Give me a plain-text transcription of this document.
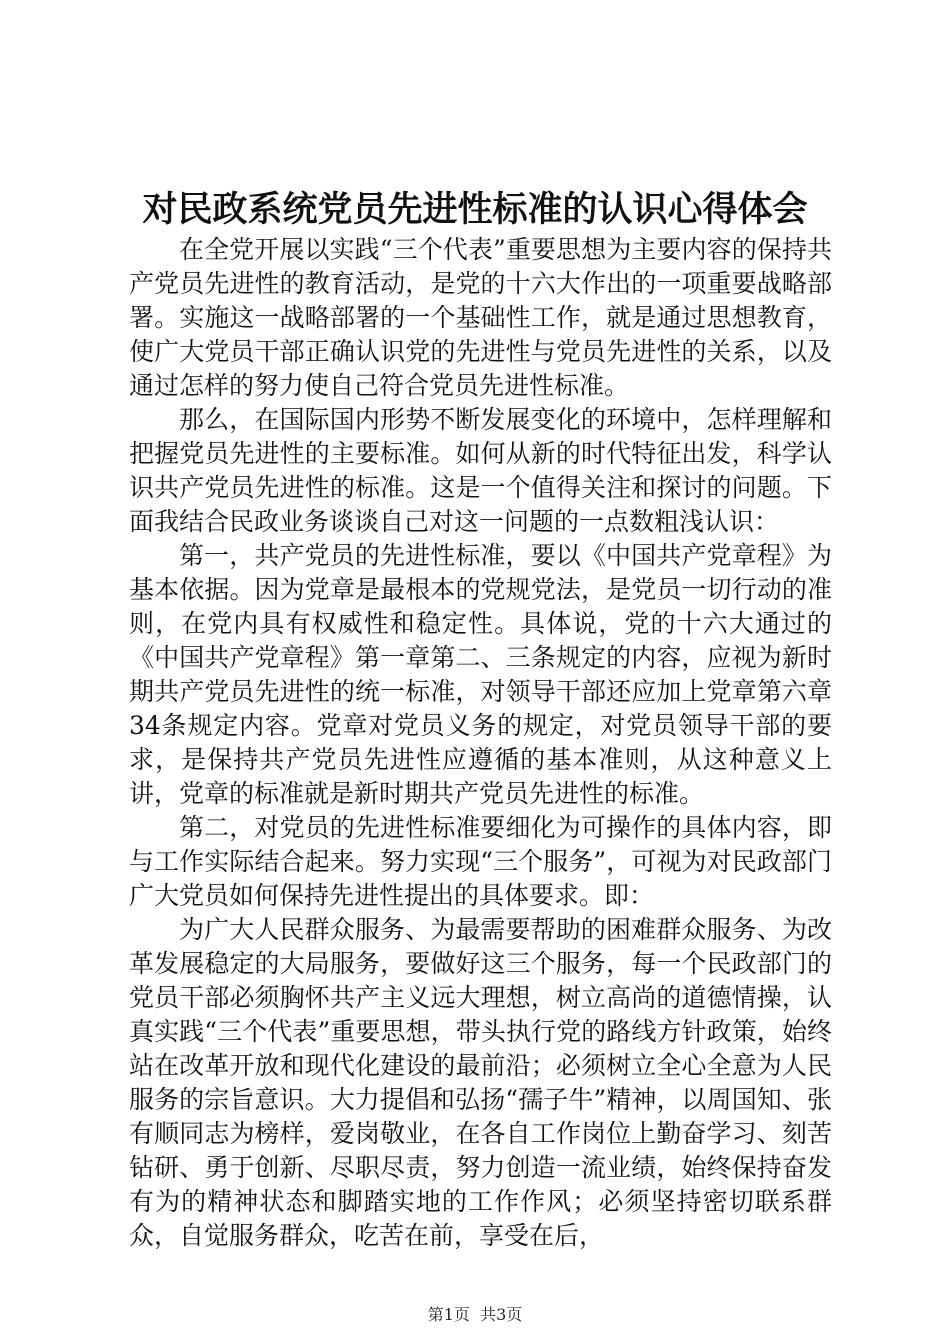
对民政系统党员先进性标准的认识心得体会

在全党开展以实践“三个代表”重要思想为主要内容的保持共产党员先进性的教育活动，是党的十六大作出的一项重要战略部署。实施这一战略部署的一个基础性工作，就是通过思想教育，使广大党员干部正确认识党的先进性与党员先进性的关系，以及通过怎样的努力使自己符合党员先进性标准。

那么，在国际国内形势不断发展变化的环境中，怎样理解和把握党员先进性的主要标准。如何从新的时代特征出发，科学认识共产党员先进性的标准。这是一个值得关注和探讨的问题。下面我结合民政业务谈谈自己对这一问题的一点数粗浅认识：

第一，共产党员的先进性标准，要以《中国共产党章程》为基本依据。因为党章是最根本的党规党法，是党员一切行动的准则，在党内具有权威性和稳定性。具体说，党的十六大通过的《中国共产党章程》第一章第二、三条规定的内容，应视为新时期共产党员先进性的统一标准，对领导干部还应加上党章第六章34条规定内容。党章对党员义务的规定，对党员领导干部的要求，是保持共产党员先进性应遵循的基本准则，从这种意义上讲，党章的标准就是新时期共产党员先进性的标准。

第二，对党员的先进性标准要细化为可操作的具体内容，即与工作实际结合起来。努力实现“三个服务”，可视为对民政部门广大党员如何保持先进性提出的具体要求。即：

为广大人民群众服务、为最需要帮助的困难群众服务、为改革发展稳定的大局服务，要做好这三个服务，每一个民政部门的党员干部必须胸怀共产主义远大理想，树立高尚的道德情操，认真实践“三个代表”重要思想，带头执行党的路线方针政策，始终站在改革开放和现代化建设的最前沿；必须树立全心全意为人民服务的宗旨意识。大力提倡和弘扬“孺子牛”精神，以周国知、张有顺同志为榜样，爱岗敬业，在各自工作岗位上勤奋学习、刻苦钻研、勇于创新、尽职尽责，努力创造一流业绩，始终保持奋发有为的精神状态和脚踏实地的工作作风；必须坚持密切联系群众，自觉服务群众，吃苦在前，享受在后，

第1页 共3页
